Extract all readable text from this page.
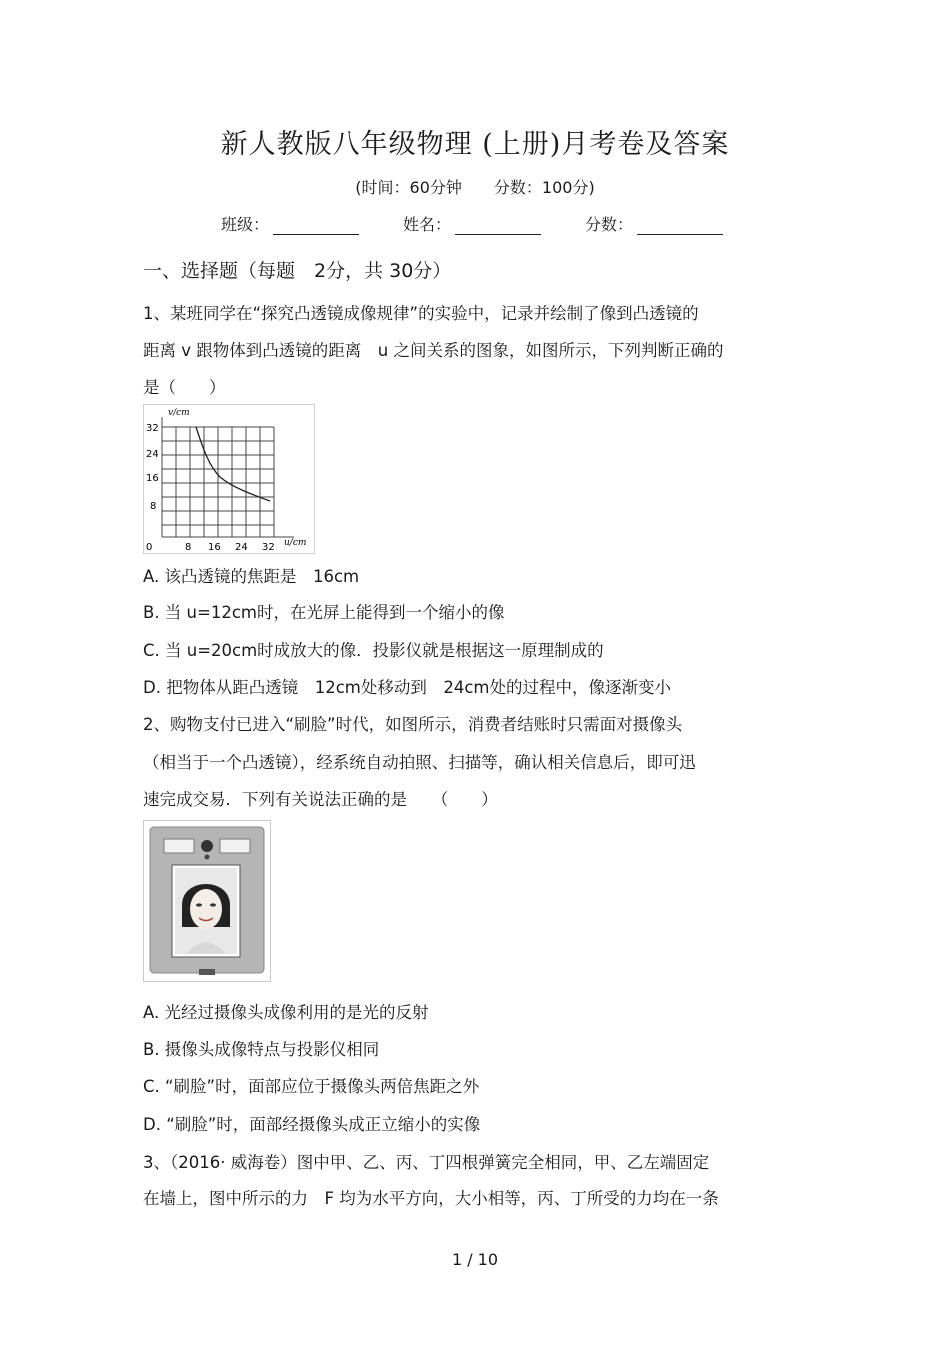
新人教版八年级物理 (上册)月考卷及答案
(时间：60分钟　　分数：100分)
班级：	姓名：	分数：
一、选择题（每题　2分，共 30分）
1、某班同学在“探究凸透镜成像规律”的实验中，记录并绘制了像到凸透镜的
距离 v 跟物体到凸透镜的距离　u 之间关系的图象，如图所示，下列判断正确的
是（　　）
v/cm
u/cm
32
24
16
8
0	8 16 24 32
A. 该凸透镜的焦距是　16cm
B. 当 u=12cm时，在光屏上能得到一个缩小的像
C. 当 u=20cm时成放大的像．投影仪就是根据这一原理制成的
D. 把物体从距凸透镜　12cm处移动到　24cm处的过程中，像逐渐变小
2、购物支付已进入“刷脸”时代，如图所示，消费者结账时只需面对摄像头
（相当于一个凸透镜），经系统自动拍照、扫描等，确认相关信息后，即可迅
速完成交易．下列有关说法正确的是　　（　　）
A. 光经过摄像头成像利用的是光的反射
B. 摄像头成像特点与投影仪相同
C. “刷脸”时，面部应位于摄像头两倍焦距之外
D. “刷脸”时，面部经摄像头成正立缩小的实像
3、（2016· 威海卷）图中甲、乙、丙、丁四根弹簧完全相同，甲、乙左端固定
在墙上，图中所示的力　F 均为水平方向，大小相等，丙、丁所受的力均在一条
1 / 10
